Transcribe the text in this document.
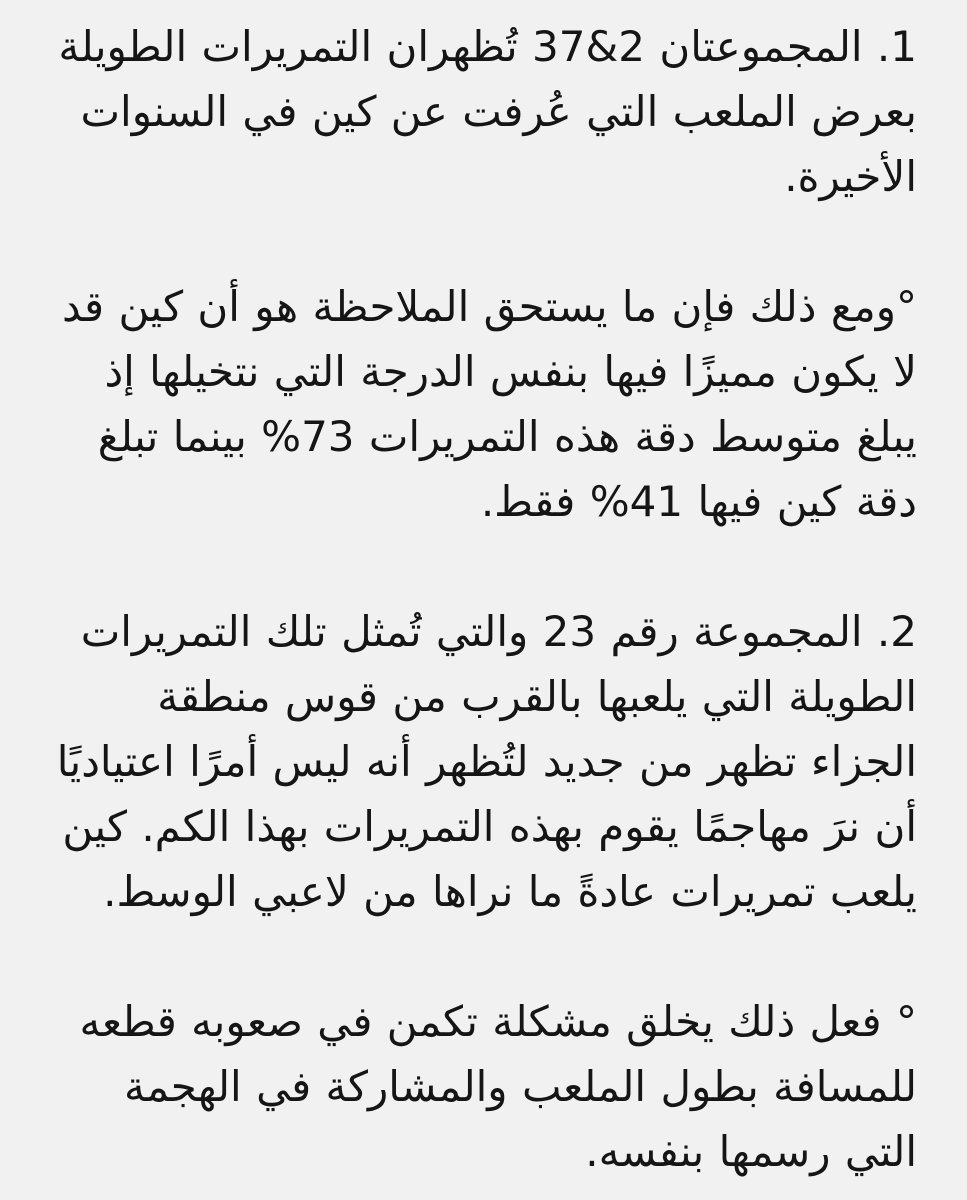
1. المجموعتان 2&37 تُظهران التمريرات الطويلة بعرض الملعب التي عُرفت عن كين في السنوات الأخيرة.

°ومع ذلك فإن ما يستحق الملاحظة هو أن كين قد لا يكون مميزًا فيها بنفس الدرجة التي نتخيلها إذ يبلغ متوسط دقة هذه التمريرات 73% بينما تبلغ دقة كين فيها 41% فقط.

2. المجموعة رقم 23 والتي تُمثل تلك التمريرات الطويلة التي يلعبها بالقرب من قوس منطقة الجزاء تظهر من جديد لتُظهر أنه ليس أمرًا اعتياديًا أن نرَ مهاجمًا يقوم بهذه التمريرات بهذا الكم. كين يلعب تمريرات عادةً ما نراها من لاعبي الوسط.

° فعل ذلك يخلق مشكلة تكمن في صعوبه قطعه للمسافة بطول الملعب والمشاركة في الهجمة التي رسمها بنفسه.
